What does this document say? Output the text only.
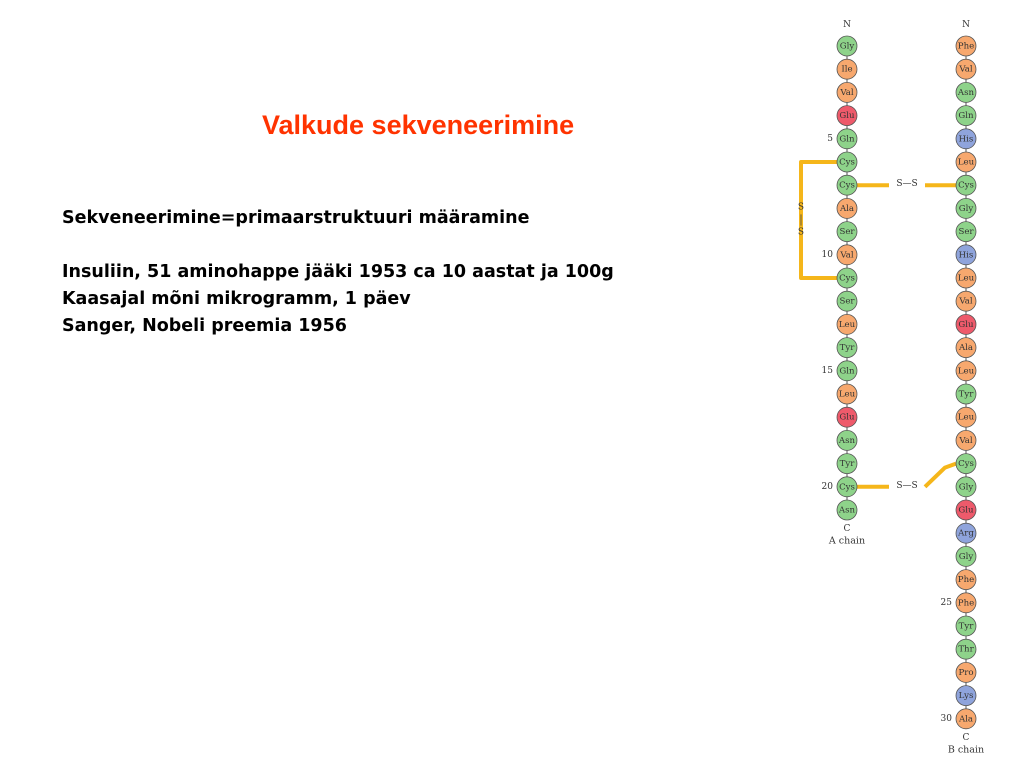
Valkude sekveneerimine
Sekveneerimine=primaarstruktuuri määramine
Insuliin, 51 aminohappe jääki 1953 ca 10 aastat ja 100g
Kaasajal mõni mikrogramm, 1 päev
Sanger, Nobeli preemia 1956
S
S
S—S
S—S
N
Gly
Ile
Val
Glu
Gln
Cys
Cys
Ala
Ser
Val
Cys
Ser
Leu
Tyr
Gln
Leu
Glu
Asn
Tyr
Cys
Asn
5
10
15
20
C
A chain
N
Phe
Val
Asn
Gln
His
Leu
Cys
Gly
Ser
His
Leu
Val
Glu
Ala
Leu
Tyr
Leu
Val
Cys
Gly
Glu
Arg
Gly
Phe
Phe
Tyr
Thr
Pro
Lys
Ala
25
30
C
B chain
